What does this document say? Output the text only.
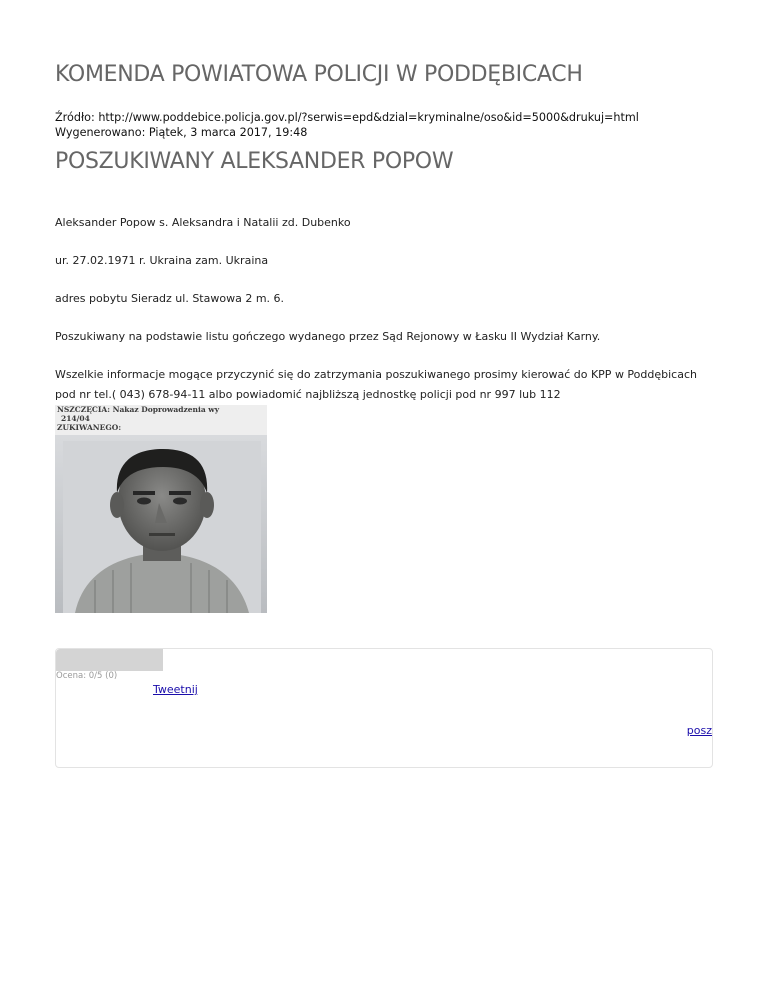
KOMENDA POWIATOWA POLICJI W PODDĘBICACH
Źródło: http://www.poddebice.policja.gov.pl/?serwis=epd&dzial=kryminalne/oso&id=5000&drukuj=html
Wygenerowano: Piątek, 3 marca 2017, 19:48
POSZUKIWANY ALEKSANDER POPOW

Aleksander Popow s. Aleksandra i Natalii zd. Dubenko

ur. 27.02.1971 r. Ukraina zam. Ukraina

adres pobytu Sieradz ul. Stawowa 2 m. 6.

Poszukiwany na podstawie listu gończego wydanego przez Sąd Rejonowy w Łasku II Wydział Karny.

Wszelkie informacje mogące przyczynić się do zatrzymania poszukiwanego prosimy kierować do KPP w Poddębicach pod nr tel.( 043) 678-94-11 albo powiadomić najbliższą jednostkę policji pod nr 997 lub 112

NSZCZĘCIA: Nakaz Doprowadzenia wy
214/04
ZUKIWANEGO:
Ocena: 0/5 (0)
Tweetnij
posz
